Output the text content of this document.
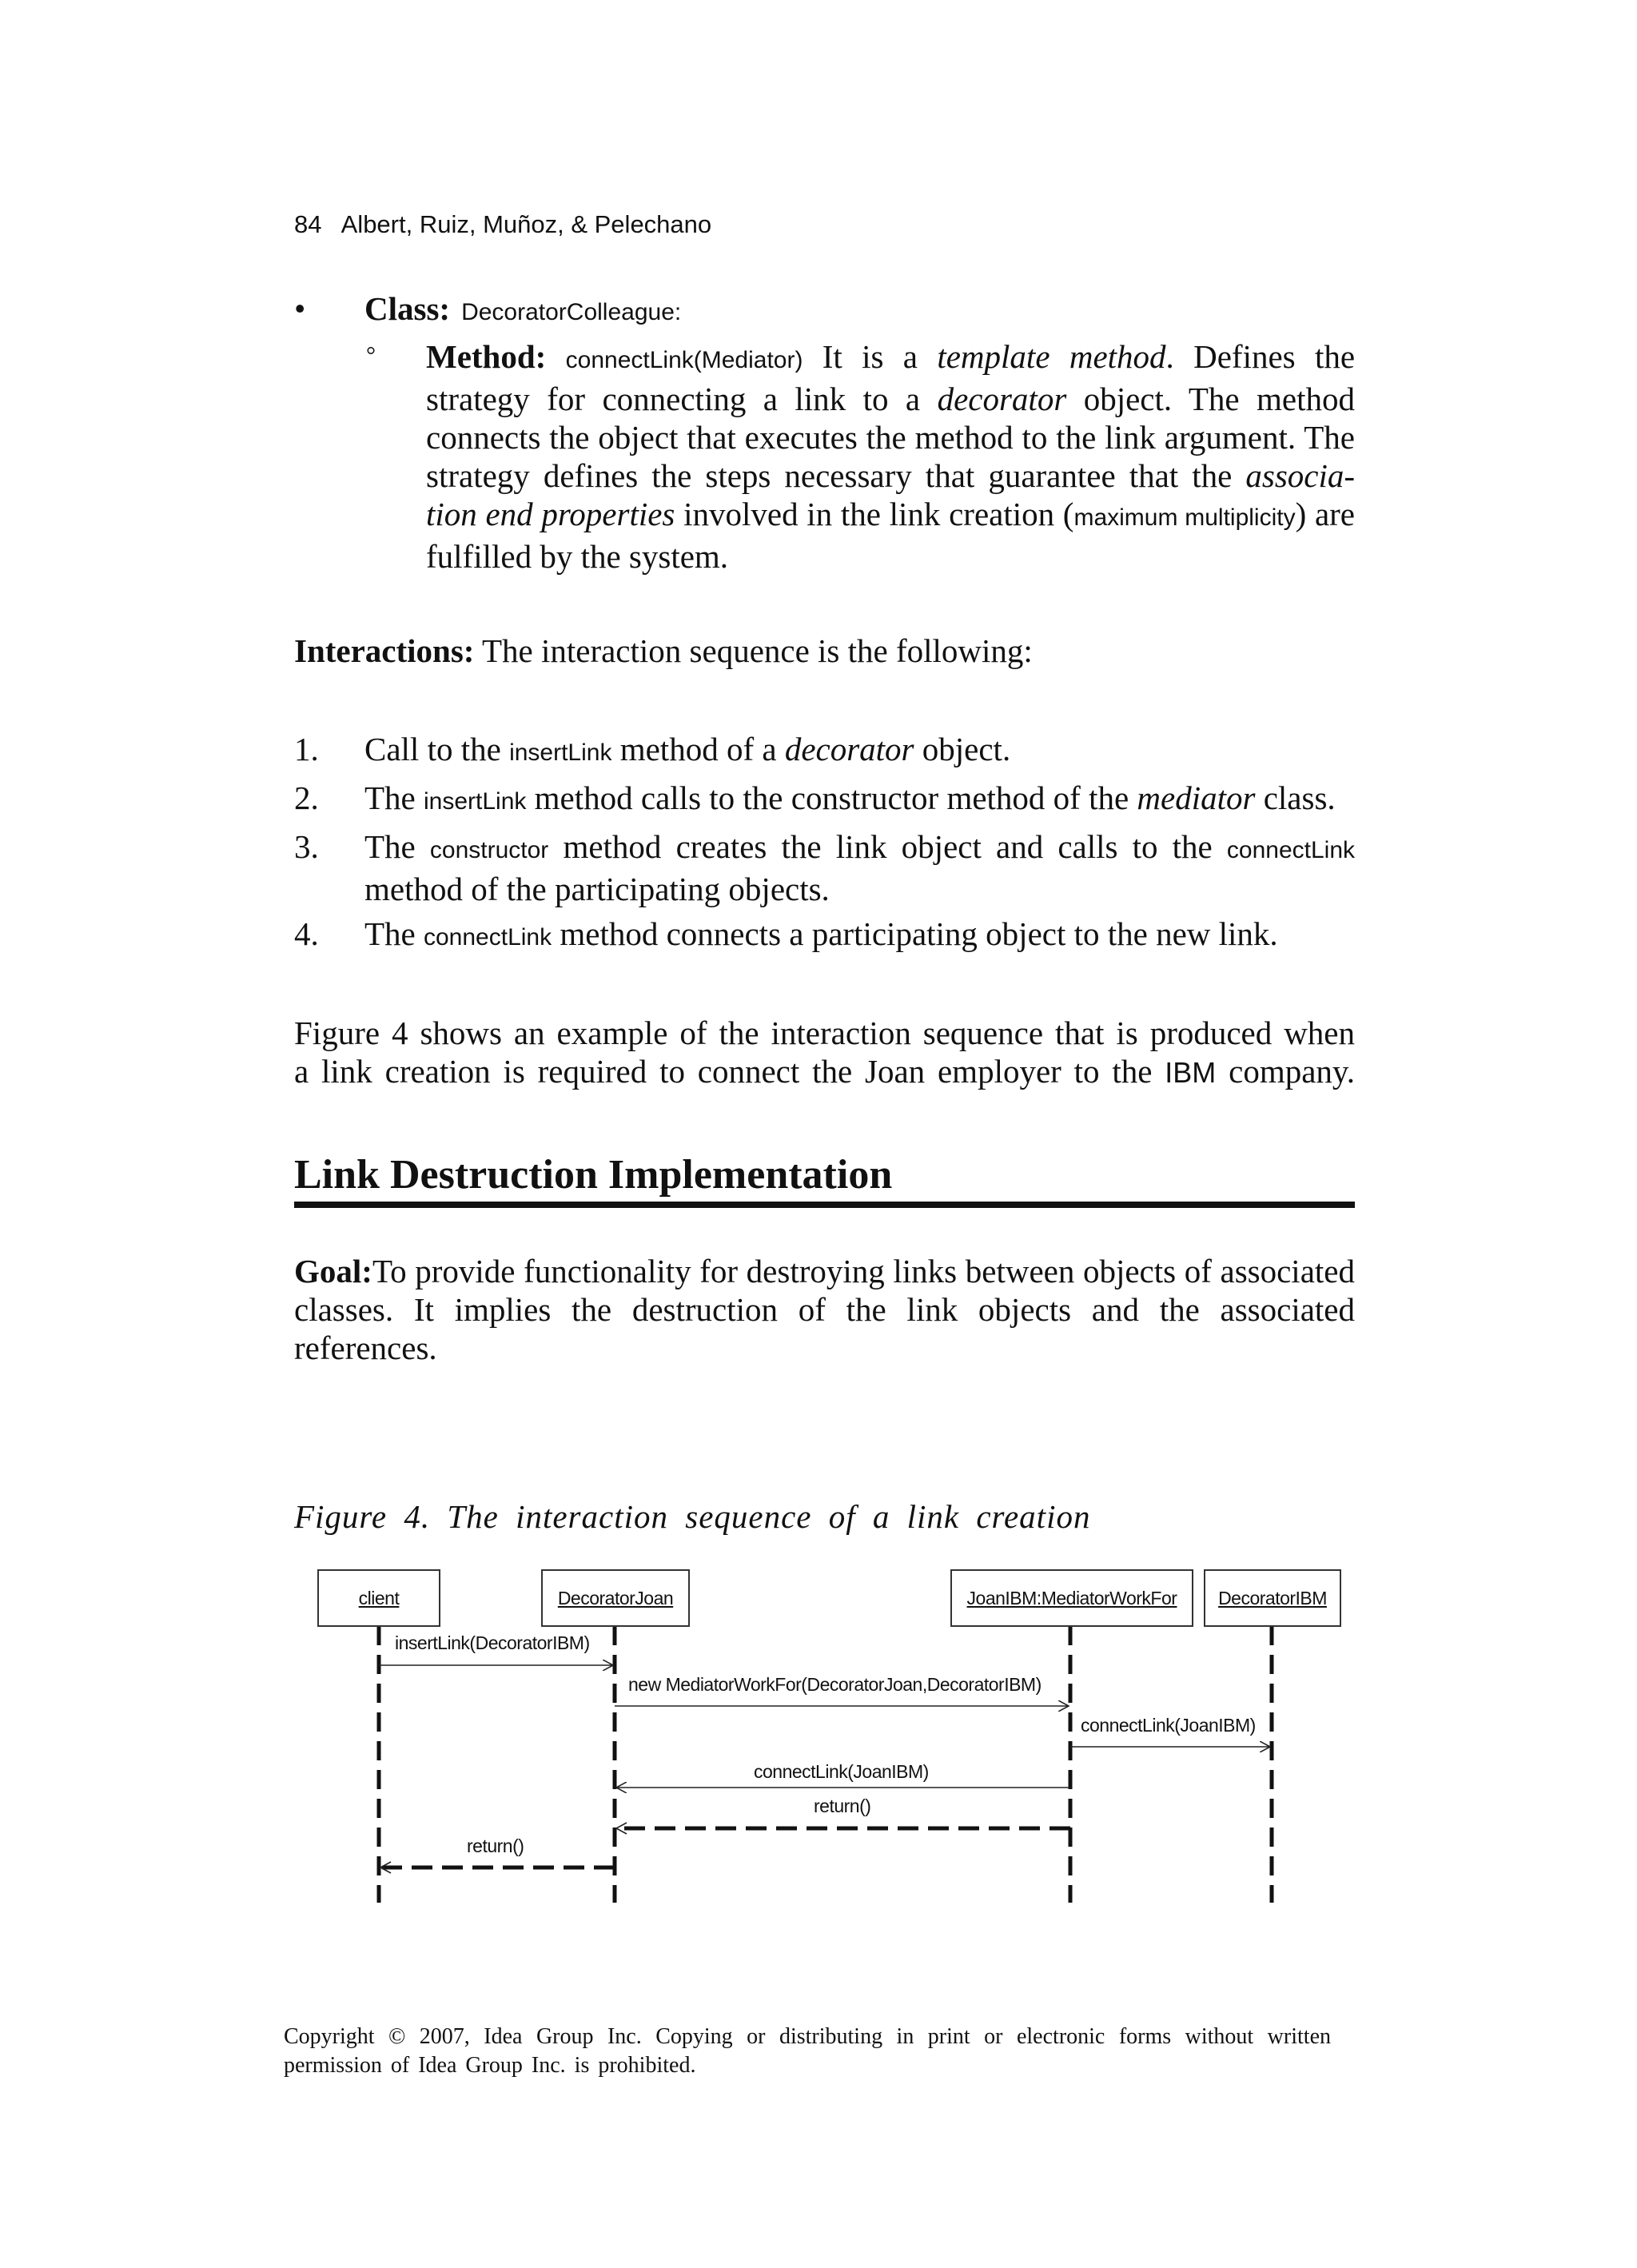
84 Albert, Ruiz, Muñoz, & Pelechano
• Class: DecoratorColleague:
° Method: connectLink(Mediator) It is a template method. Defines the
strategy for connecting a link to a decorator object. The method
connects the object that executes the method to the link argument. The
strategy defines the steps necessary that guarantee that the associa-
tion end properties involved in the link creation (maximum multiplicity) are
fulfilled by the system.
Interactions: The interaction sequence is the following:
1. Call to the insertLink method of a decorator object.
2. The insertLink method calls to the constructor method of the mediator class.
3.	The constructor method creates the link object and calls to the connectLink
method of the participating objects.
4. The connectLink method connects a participating object to the new link.
Figure 4 shows an example of the interaction sequence that is produced when
a link creation is required to connect the Joan employer to the IBM company.
Link Destruction Implementation
Goal:To provide functionality for destroying links between objects of associated
classes. It implies the destruction of the link objects and the associated
references.
Figure 4. The interaction sequence of a link creation
client	DecoratorJoan	JoanIBM:MediatorWorkFor DecoratorIBM
insertLink(DecoratorIBM)
new MediatorWorkFor(DecoratorJoan,DecoratorIBM)
connectLink(JoanIBM)
connectLink(JoanIBM)
return()
return()
Copyright © 2007, Idea Group Inc. Copying or distributing in print or electronic forms without written
permission of Idea Group Inc. is prohibited.
